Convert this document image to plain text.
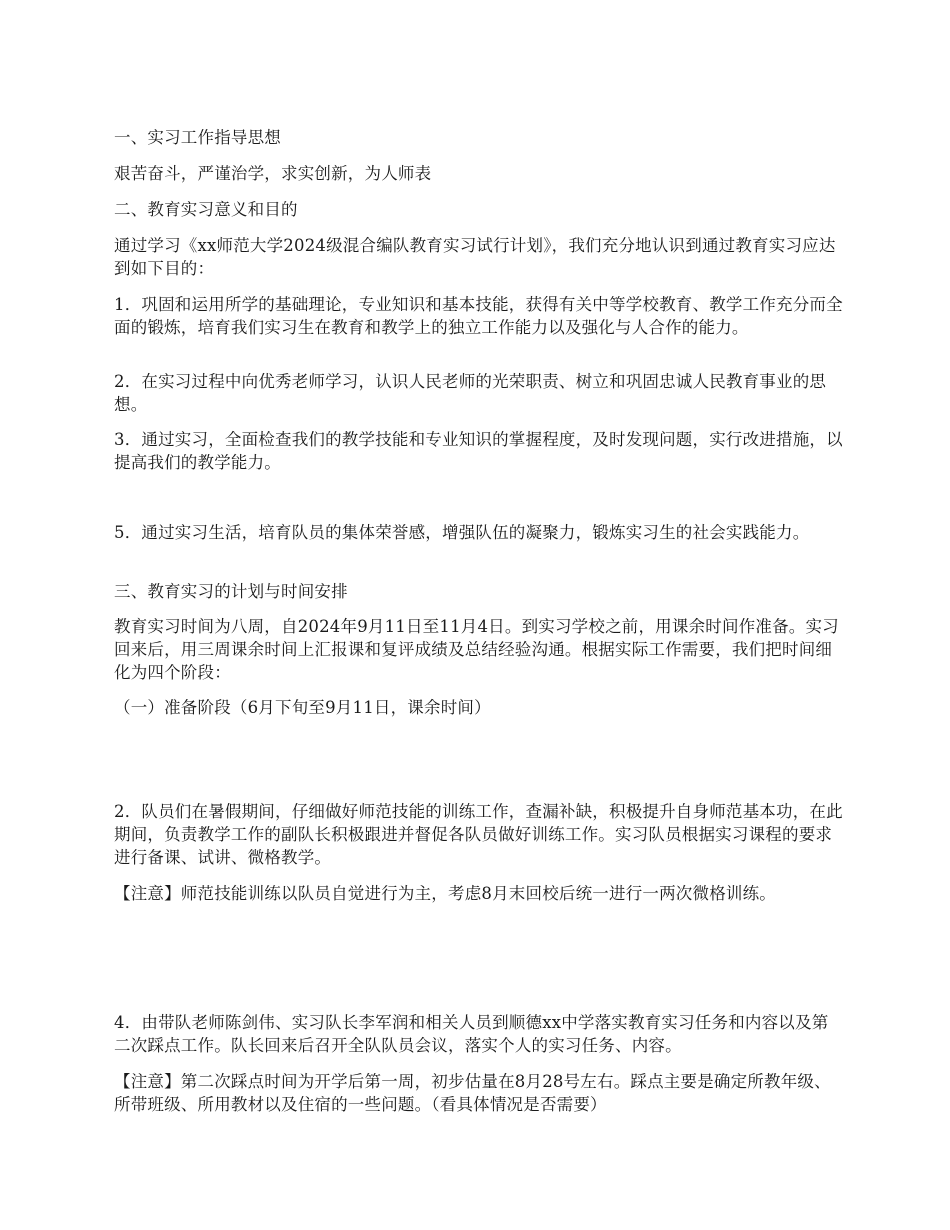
一、实习工作指导思想

艰苦奋斗，严谨治学，求实创新，为人师表

二、教育实习意义和目的

通过学习《xx师范大学2024级混合编队教育实习试行计划》，我们充分地认识到通过教育实习应达到如下目的：

1．巩固和运用所学的基础理论，专业知识和基本技能，获得有关中等学校教育、教学工作充分而全面的锻炼，培育我们实习生在教育和教学上的独立工作能力以及强化与人合作的能力。

2．在实习过程中向优秀老师学习，认识人民老师的光荣职责、树立和巩固忠诚人民教育事业的思想。

3．通过实习，全面检查我们的教学技能和专业知识的掌握程度，及时发现问题，实行改进措施，以提高我们的教学能力。

5．通过实习生活，培育队员的集体荣誉感，增强队伍的凝聚力，锻炼实习生的社会实践能力。

三、教育实习的计划与时间安排

教育实习时间为八周，自2024年9月11日至11月4日。到实习学校之前，用课余时间作准备。实习回来后，用三周课余时间上汇报课和复评成绩及总结经验沟通。根据实际工作需要，我们把时间细化为四个阶段：

（一）准备阶段（6月下旬至9月11日，课余时间）

2．队员们在暑假期间，仔细做好师范技能的训练工作，查漏补缺，积极提升自身师范基本功，在此期间，负责教学工作的副队长积极跟进并督促各队员做好训练工作。实习队员根据实习课程的要求进行备课、试讲、微格教学。

【注意】师范技能训练以队员自觉进行为主，考虑8月末回校后统一进行一两次微格训练。

4．由带队老师陈剑伟、实习队长李军润和相关人员到顺德xx中学落实教育实习任务和内容以及第二次踩点工作。队长回来后召开全队队员会议，落实个人的实习任务、内容。

【注意】第二次踩点时间为开学后第一周，初步估量在8月28号左右。踩点主要是确定所教年级、所带班级、所用教材以及住宿的一些问题。（看具体情况是否需要）
